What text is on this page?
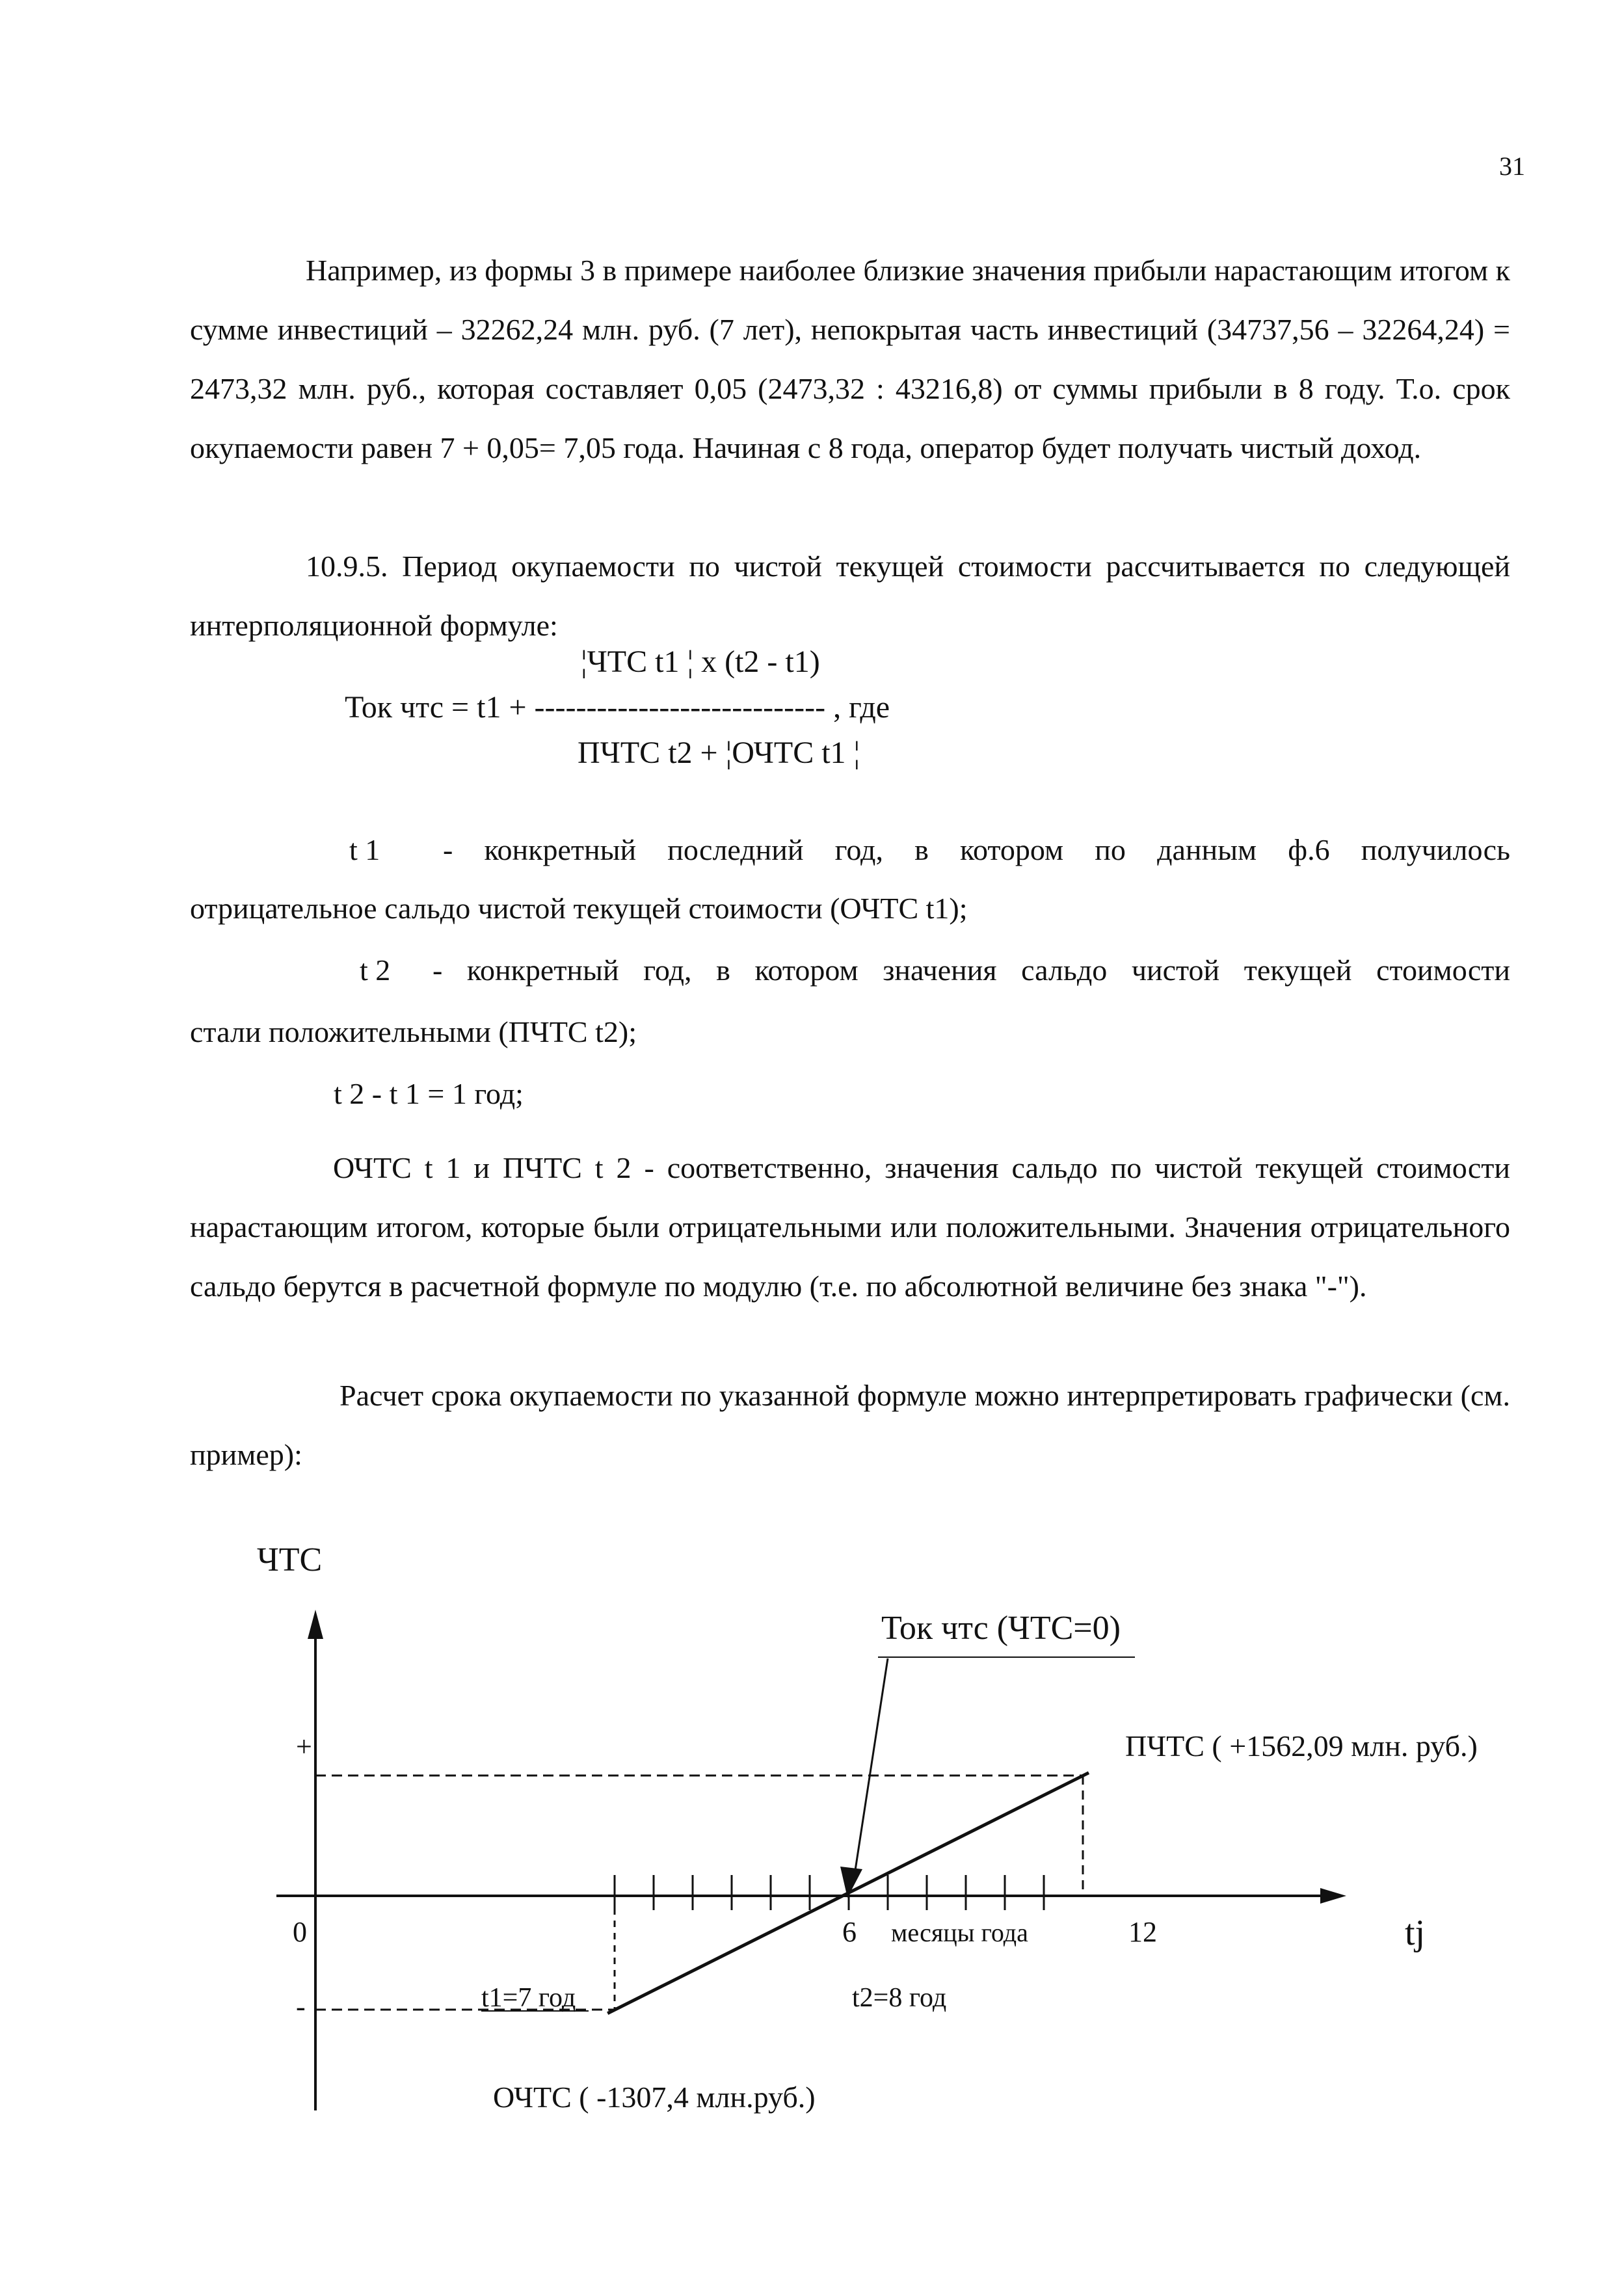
31

Например, из формы 3 в примере наиболее близкие значения прибыли нарастающим итогом к сумме инвестиций – 32262,24 млн. руб. (7 лет), непокрытая часть инвестиций (34737,56 – 32264,24) = 2473,32 млн. руб., которая составляет 0,05 (2473,32 : 43216,8) от суммы прибыли в 8 году. Т.о. срок окупаемости равен 7 + 0,05= 7,05 года. Начиная с 8 года, оператор будет получать чистый доход.

10.9.5. Период окупаемости по чистой текущей стоимости рассчитывается по следующей интерполяционной формуле:

¦ЧТС t1 ¦ x (t2 - t1)
Ток чтс = t1 + ---------------------------- , где
ПЧТС t2 + ¦ОЧТС t1 ¦
t 1 - конкретный последний год, в котором по данным ф.6 получилось
отрицательное сальдо чистой текущей стоимости (ОЧТС t1);
t 2 - конкретный год, в котором значения сальдо чистой текущей стоимости
стали положительными (ПЧТС t2);
t 2 - t 1 = 1 год;

ОЧТС t 1 и ПЧТС t 2 - соответственно, значения сальдо по чистой текущей стоимости нарастающим итогом, которые были отрицательными или положительными. Значения отрицательного сальдо берутся в расчетной формуле по модулю (т.е. по абсолютной величине без знака "-").

Расчет срока окупаемости по указанной формуле можно интерпретировать графически (см. пример):

ЧТС
+
-
0	6	12
месяцы года	tj
Ток чтс (ЧТС=0)
ПЧТС ( +1562,09 млн. руб.)
ОЧТС ( -1307,4 млн.руб.)
t1=7 год	t2=8 год
